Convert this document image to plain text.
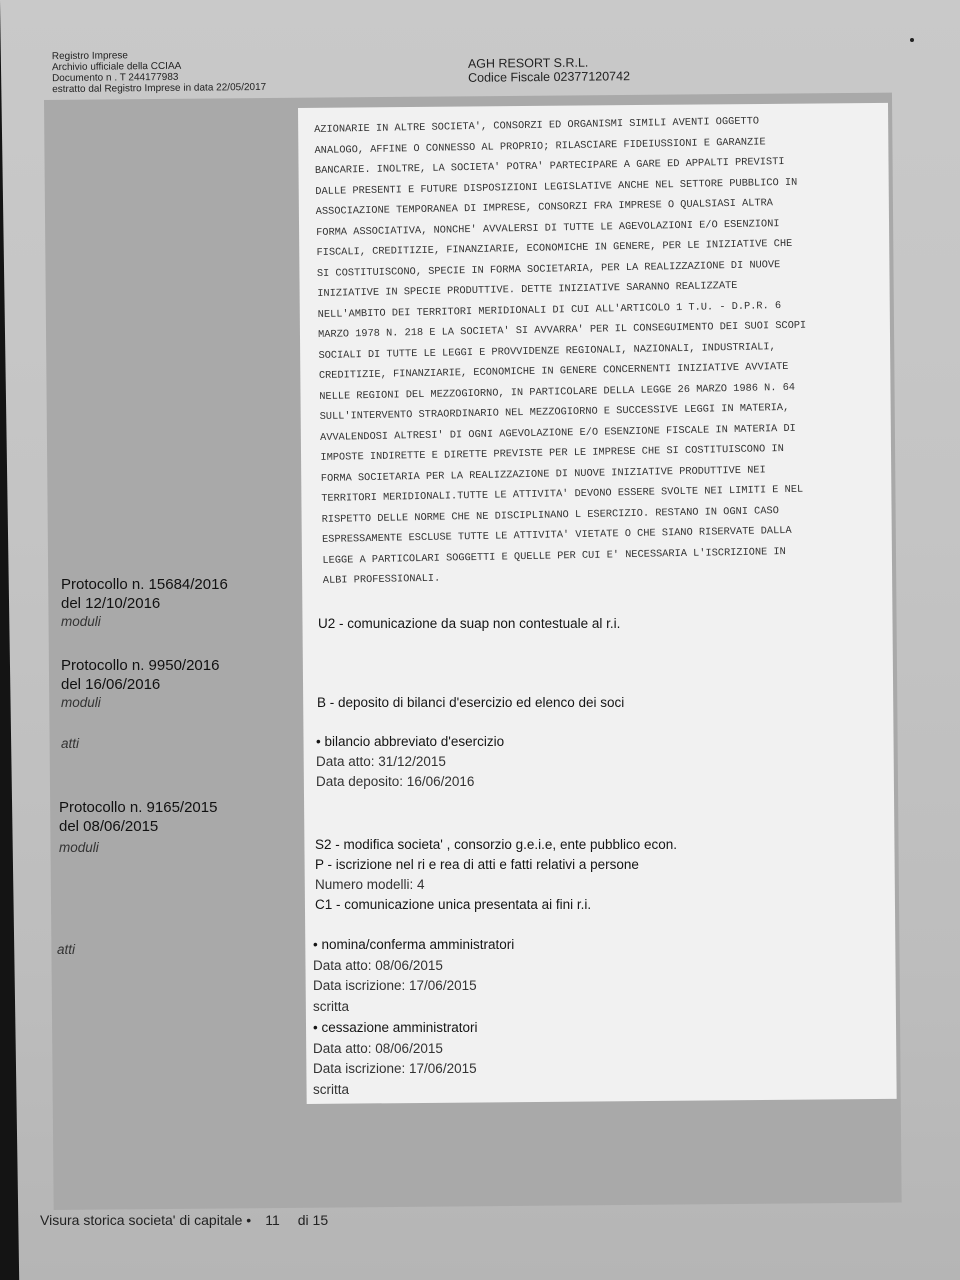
Registro Imprese
Archivio ufficiale della CCIAA
Documento n . T 244177983
estratto dal Registro Imprese in data 22/05/2017
AGH RESORT S.R.L.
Codice Fiscale 02377120742
AZIONARIE IN ALTRE SOCIETA', CONSORZI ED ORGANISMI SIMILI AVENTI OGGETTO
ANALOGO, AFFINE O CONNESSO AL PROPRIO; RILASCIARE FIDEIUSSIONI E GARANZIE
BANCARIE. INOLTRE, LA SOCIETA' POTRA' PARTECIPARE A GARE ED APPALTI PREVISTI
DALLE PRESENTI E FUTURE DISPOSIZIONI LEGISLATIVE ANCHE NEL SETTORE PUBBLICO IN
ASSOCIAZIONE TEMPORANEA DI IMPRESE, CONSORZI FRA IMPRESE O QUALSIASI ALTRA
FORMA ASSOCIATIVA, NONCHE' AVVALERSI DI TUTTE LE AGEVOLAZIONI E/O ESENZIONI
FISCALI, CREDITIZIE, FINANZIARIE, ECONOMICHE IN GENERE, PER LE INIZIATIVE CHE
SI COSTITUISCONO, SPECIE IN FORMA SOCIETARIA, PER LA REALIZZAZIONE DI NUOVE
INIZIATIVE IN SPECIE PRODUTTIVE. DETTE INIZIATIVE SARANNO REALIZZATE
NELL'AMBITO DEI TERRITORI MERIDIONALI DI CUI ALL'ARTICOLO 1 T.U. - D.P.R. 6
MARZO 1978 N. 218 E LA SOCIETA' SI AVVARRA' PER IL CONSEGUIMENTO DEI SUOI SCOPI
SOCIALI DI TUTTE LE LEGGI E PROVVIDENZE REGIONALI, NAZIONALI, INDUSTRIALI,
CREDITIZIE, FINANZIARIE, ECONOMICHE IN GENERE CONCERNENTI INIZIATIVE AVVIATE
NELLE REGIONI DEL MEZZOGIORNO, IN PARTICOLARE DELLA LEGGE 26 MARZO 1986 N. 64
SULL'INTERVENTO STRAORDINARIO NEL MEZZOGIORNO E SUCCESSIVE LEGGI IN MATERIA,
AVVALENDOSI ALTRESI' DI OGNI AGEVOLAZIONE E/O ESENZIONE FISCALE IN MATERIA DI
IMPOSTE INDIRETTE E DIRETTE PREVISTE PER LE IMPRESE CHE SI COSTITUISCONO IN
FORMA SOCIETARIA PER LA REALIZZAZIONE DI NUOVE INIZIATIVE PRODUTTIVE NEI
TERRITORI MERIDIONALI.TUTTE LE ATTIVITA' DEVONO ESSERE SVOLTE NEI LIMITI E NEL
RISPETTO DELLE NORME CHE NE DISCIPLINANO L ESERCIZIO. RESTANO IN OGNI CASO
ESPRESSAMENTE ESCLUSE TUTTE LE ATTIVITA' VIETATE O CHE SIANO RISERVATE DALLA
LEGGE A PARTICOLARI SOGGETTI E QUELLE PER CUI E' NECESSARIA L'ISCRIZIONE IN
ALBI PROFESSIONALI.
Protocollo n. 15684/2016
del 12/10/2016
moduli	U2 - comunicazione da suap non contestuale al r.i.
Protocollo n. 9950/2016
del 16/06/2016
moduli	B - deposito di bilanci d'esercizio ed elenco dei soci
atti	• bilancio abbreviato d'esercizio
Data atto: 31/12/2015
Data deposito: 16/06/2016
Protocollo n. 9165/2015
del 08/06/2015
moduli	S2 - modifica societa' , consorzio g.e.i.e, ente pubblico econ.
P - iscrizione nel ri e rea di atti e fatti relativi a persone
Numero modelli: 4
C1 - comunicazione unica presentata ai fini r.i.
atti	• nomina/conferma amministratori
Data atto: 08/06/2015
Data iscrizione: 17/06/2015
scritta
• cessazione amministratori
Data atto: 08/06/2015
Data iscrizione: 17/06/2015
scritta
Visura storica societa' di capitale • 11 di 15
